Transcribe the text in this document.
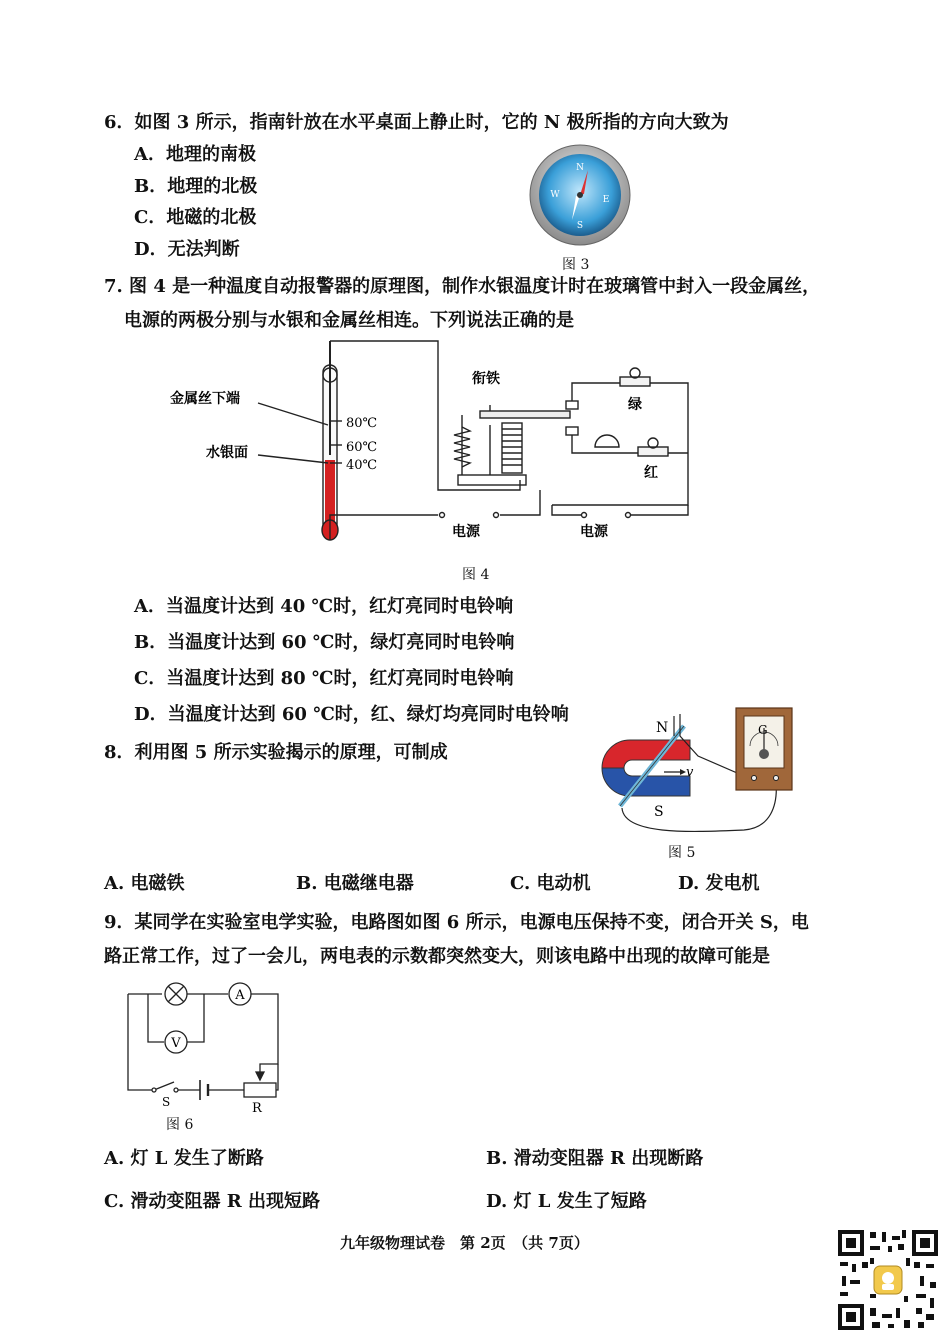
6．如图 3 所示，指南针放在水平桌面上静止时，它的 N 极所指的方向大致为
A．地理的南极
B．地理的北极
C．地磁的北极
D．无法判断
N
E
S
W
图 3
7. 图 4 是一种温度自动报警器的原理图，制作水银温度计时在玻璃管中封入一段金属丝，
电源的两极分别与水银和金属丝相连。下列说法正确的是
金属丝下端
水银面
80℃
60℃
40℃
衔铁
绿
红
电源	电源
图 4
A．当温度计达到 40 ℃时，红灯亮同时电铃响
B．当温度计达到 60 ℃时，绿灯亮同时电铃响
C．当温度计达到 80 ℃时，红灯亮同时电铃响
D．当温度计达到 60 ℃时，红、绿灯均亮同时电铃响
8．利用图 5 所示实验揭示的原理，可制成
N
S
v
G
图 5
A. 电磁铁	B. 电磁继电器	C. 电动机	D. 发电机
9．某同学在实验室电学实验，电路图如图 6 所示，电源电压保持不变，闭合开关 S，电
路正常工作，过了一会儿，两电表的示数都突然变大，则该电路中出现的故障可能是
A
V
S	R
图 6
A. 灯 L 发生了断路	B. 滑动变阻器 R 出现断路
C. 滑动变阻器 R 出现短路	D. 灯 L 发生了短路
九年级物理试卷　第 2页　（共 7页）
